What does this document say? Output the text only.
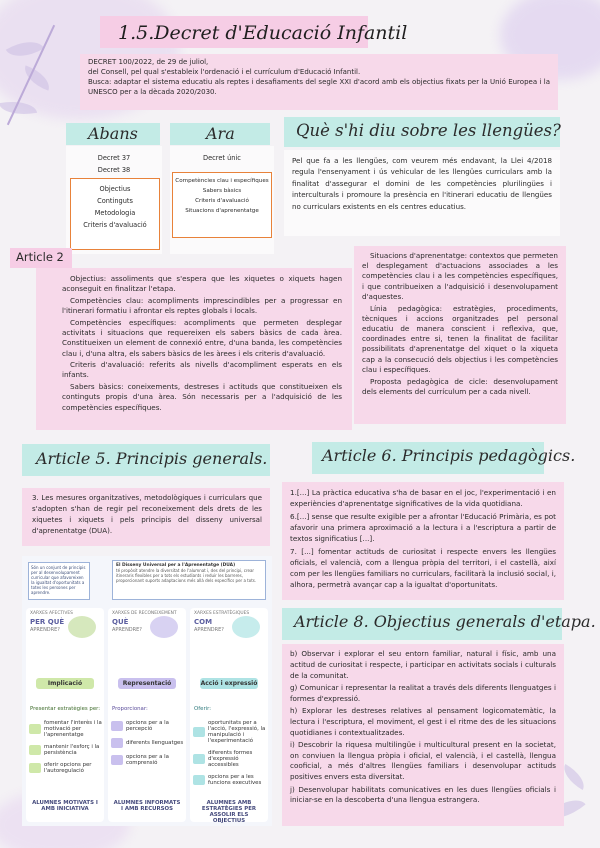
1.5.Decret d'Educació Infantil
DECRET 100/2022, de 29 de juliol,
del Consell, pel qual s'estableix l'ordenació i el currículum d'Educació Infantil.
Busca: adaptar el sistema educatiu als reptes i desafiaments del segle XXI d'acord amb els objectius fixats per la Unió Europea i la UNESCO per a la dècada 2020/2030.
Abans
Decret 37
Decret 38
Objectius
Continguts
Metodologia
Criteris d'avaluació
Ara
Decret únic
Competències clau i específiques
Sabers bàsics
Criteris d'avaluació
Situacions d'aprenentatge
Què s'hi diu sobre les llengües?
Pel que fa a les llengües, com veurem més endavant, la Llei 4/2018 regula l'ensenyament i ús vehicular de les llengües curriculars amb la finalitat d'assegurar el domini de les competències plurilingües i interculturals i promoure la presència en l'itinerari educatiu de llengües no curriculars existents en els centres educatius.
Article 2

Objectius: assoliments que s'espera que les xiquetes o xiquets hagen aconseguit en finalitzar l'etapa.

Competències clau: acompliments imprescindibles per a progressar en l'itinerari formatiu i afrontar els reptes globals i locals.

Competències específiques: acompliments que permeten desplegar activitats i situacions que requereixen els sabers bàsics de cada àrea. Constitueixen un element de connexió entre, d'una banda, les competències clau i, d'una altra, els sabers bàsics de les àrees i els criteris d'avaluació.

Criteris d'avaluació: referits als nivells d'acompliment esperats en els infants.

Sabers bàsics: coneixements, destreses i actituds que constitueixen els continguts propis d'una àrea. Són necessaris per a l'adquisició de les competències específiques.

Situacions d'aprenentatge: contextos que permeten el desplegament d'actuacions associades a les competències clau i a les competències específiques, i que contribueixen a l'adquisició i desenvolupament d'aquestes.

Línia pedagògica: estratègies, procediments, tècniques i accions organitzades pel personal educatiu de manera conscient i reflexiva, que, coordinades entre si, tenen la finalitat de facilitar possibilitats d'aprenentatge del xiquet o la xiqueta cap a la consecució dels objectius i les competències clau i específiques.

Proposta pedagògica de cicle: desenvolupament dels elements del currículum per a cada nivell.

Article 5. Principis generals.
3. Les mesures organitzatives, metodològiques i curriculars que s'adopten s'han de regir pel reconeixement dels drets de les xiquetes i xiquets i pels principis del disseny universal d'aprenentatge (DUA).
Article 6. Principis pedagògics.

1.[...] La pràctica educativa s'ha de basar en el joc, l'experimentació i en experiències d'aprenentatge significatives de la vida quotidiana.

6.[...] sense que resulte exigible per a afrontar l'Educació Primària, es pot afavorir una primera aproximació a la lectura i a l'escriptura a partir de textos significatius [...].

7. [...] fomentar actituds de curiositat i respecte envers les llengües oficials, el valencià, com a llengua pròpia del territori, i el castellà, així com per les llengües familiars no curriculars, facilitarà la inclusió social, i, alhora, permetrà avançar cap a la igualtat d'oportunitats.

Article 8. Objectius generals d'etapa.

b) Observar i explorar el seu entorn familiar, natural i físic, amb una actitud de curiositat i respecte, i participar en activitats socials i culturals de la comunitat.

g) Comunicar i representar la realitat a través dels diferents llenguatges i formes d'expressió.

h) Explorar les destreses relatives al pensament logicomatemàtic, la lectura i l'escriptura, el moviment, el gest i el ritme des de les situacions quotidianes i contextualitzades.

i) Descobrir la riquesa multilingüe i multicultural present en la societat, on conviuen la llengua pròpia i oficial, el valencià, i el castellà, llengua cooficial, a més d'altres llengües familiars i desenvolupar actituds positives envers esta diversitat.

j) Desenvolupar habilitats comunicatives en les dues llengües oficials i iniciar-se en la descoberta d'una llengua estrangera.

Són un conjunt de principis per al desenvolupament curricular que afavoreixen la igualtat d'oportunitats a totes les persones per aprendre.
El Disseny Universal per a l'Aprenentatge (DUA)
té propòsit atendre la diversitat de l'alumnat i, des del principi, crear itineraris flexibles per a tots els estudiants i reduir les barreres, proporcionant suports adaptacions més allà dels específics per a tots.
XARXES AFECTIVES
PER QUÈ
APRENDRE?
Implicació
Presentar estratègies per:
fomentar l'interès i la motivació per l'aprenentatge
mantenir l'esforç i la persistència
oferir opcions per l'autoregulació
ALUMNES MOTIVATS I AMB INICIATIVA
XARXES DE RECONEIXEMENT
QUÈ
APRENDRE?
Representació
Proporcionar:
opcions per a la percepció
diferents llenguatges
opcions per a la comprensió
ALUMNES INFORMATS I AMB RECURSOS
XARXES ESTRATÈGIQUES
COM
APRENDRE?
Acció i expressió
Oferir:
oportunitats per a l'acció, l'expressió, la manipulació i l'experimentació
diferents formes d'expressió accessibles
opcions per a les funcions executives
ALUMNES AMB ESTRATÈGIES PER ASSOLIR ELS OBJECTIUS
